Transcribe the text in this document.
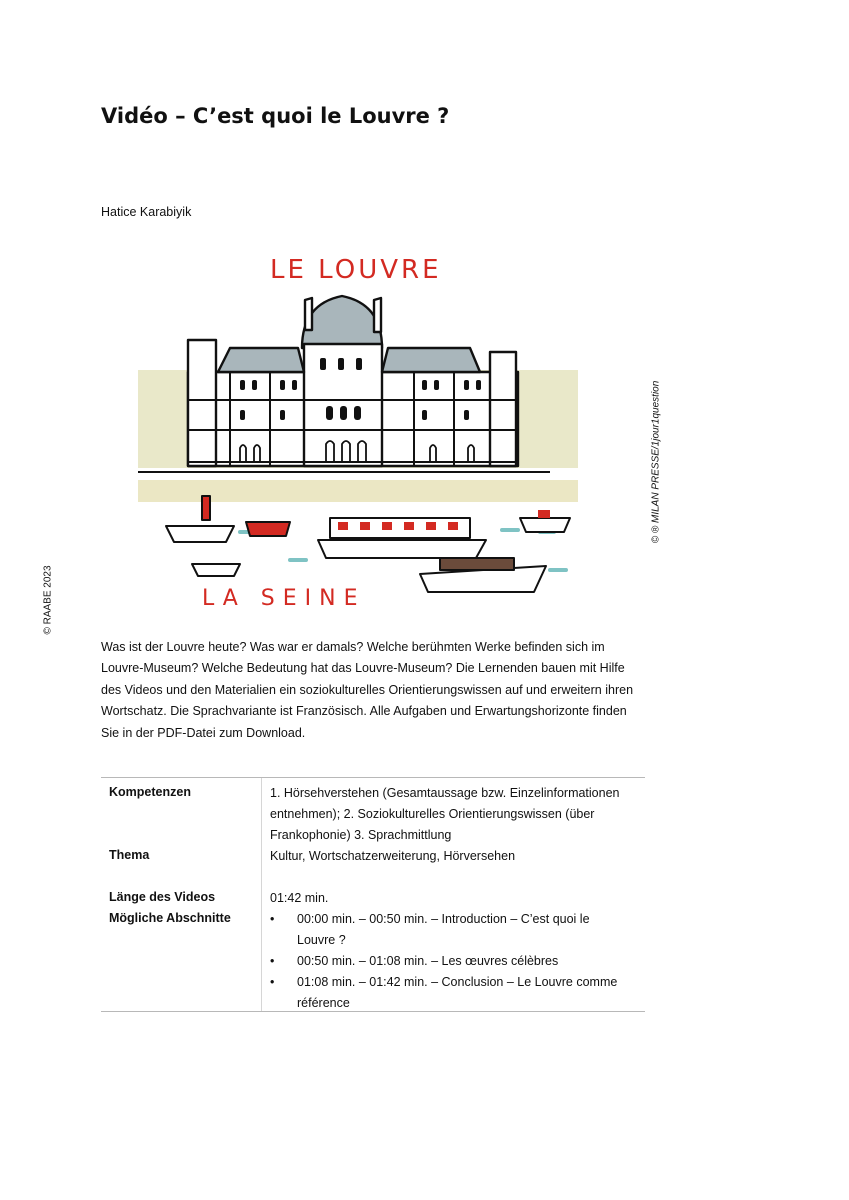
Vidéo – C’est quoi le Louvre ?
Hatice Karabiyik
© RAABE 2023
© ® MILAN PRESSE/1jour1question
LE LOUVRE
LA SEINE

Was ist der Louvre heute? Was war er damals? Welche berühmten Werke befinden sich im Louvre-Museum? Welche Bedeutung hat das Louvre-Museum? Die Lernenden bauen mit Hilfe des Videos und den Materialien ein soziokulturelles Orientierungswissen auf und erweitern ihren Wortschatz. Die Sprachvariante ist Französisch. Alle Aufgaben und Erwartungshorizonte finden Sie in der PDF-Datei zum Download.

Kompetenzen	1. Hörsehverstehen (Gesamtaussage bzw. Einzelinformationen entnehmen); 2. Soziokulturelles Orientierungswissen (über Frankophonie) 3. Sprachmittlung
Thema	Kultur, Wortschatzerweiterung, Hörversehen
Länge des Videos	01:42 min.
Mögliche Abschnitte
•	00:00 min. – 00:50 min. – Introduction – C’est quoi le Louvre ?
• 00:50 min. – 01:08 min. – Les œuvres célèbres
• 01:08 min. – 01:42 min. – Conclusion – Le Louvre comme référence
